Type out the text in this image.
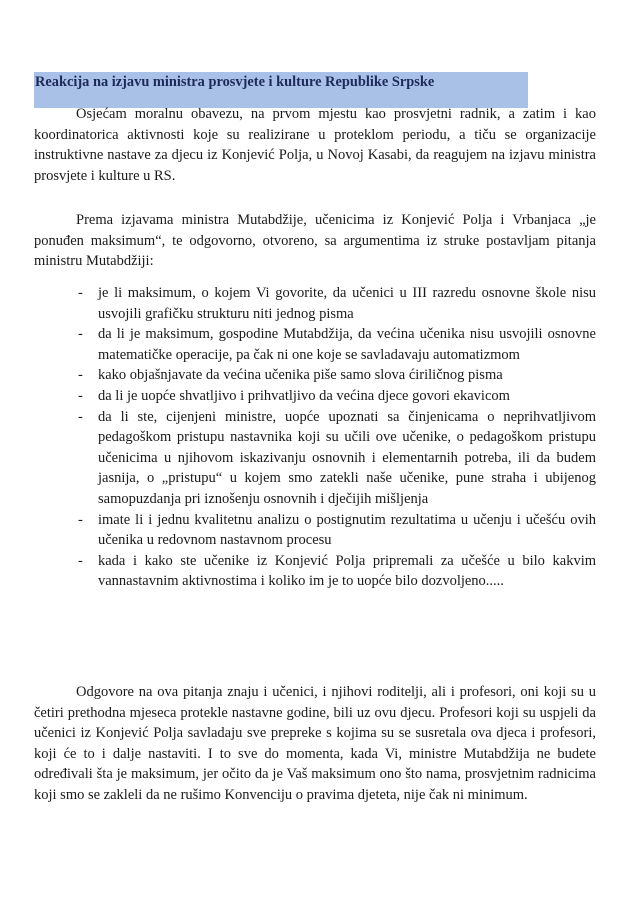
Reakcija na izjavu ministra prosvjete i kulture Republike Srpske

Osjećam moralnu obavezu, na prvom mjestu kao prosvjetni radnik, a zatim i kao koordinatorica aktivnosti koje su realizirane u proteklom periodu, a tiču se organizacije instruktivne nastave za djecu iz Konjević Polja, u Novoj Kasabi, da reagujem na izjavu ministra prosvjete i kulture u RS.

Prema izjavama ministra Mutabdžije, učenicima iz Konjević Polja i Vrbanjaca „je ponuđen maksimum“, te odgovorno, otvoreno, sa argumentima iz struke postavljam pitanja ministru Mutabdžiji:

- je li maksimum, o kojem Vi govorite, da učenici u III razredu osnovne škole nisu usvojili grafičku strukturu niti jednog pisma
- da li je maksimum, gospodine Mutabdžija, da većina učenika nisu usvojili osnovne matematičke operacije, pa čak ni one koje se savladavaju automatizmom
- kako objašnjavate da većina učenika piše samo slova ćiriličnog pisma
- da li je uopće shvatljivo i prihvatljivo da većina djece govori ekavicom
- da li ste, cijenjeni ministre, uopće upoznati sa činjenicama o neprihvatljivom pedagoškom pristupu nastavnika koji su učili ove učenike, o pedagoškom pristupu učenicima u njihovom iskazivanju osnovnih i elementarnih potreba, ili da budem jasnija, o „pristupu“ u kojem smo zatekli naše učenike, pune straha i ubijenog samopuzdanja pri iznošenju osnovnih i dječijih mišljenja
- imate li i jednu kvalitetnu analizu o postignutim rezultatima u učenju i učešću ovih učenika u redovnom nastavnom procesu
- kada i kako ste učenike iz Konjević Polja pripremali za učešće u bilo kakvim vannastavnim aktivnostima i koliko im je to uopće bilo dozvoljeno.....

Odgovore na ova pitanja znaju i učenici, i njihovi roditelji, ali i profesori, oni koji su u četiri prethodna mjeseca protekle nastavne godine, bili uz ovu djecu. Profesori koji su uspjeli da učenici iz Konjević Polja savladaju sve prepreke s kojima su se susretala ova djeca i profesori, koji će to i dalje nastaviti. I to sve do momenta, kada Vi, ministre Mutabdžija ne budete određivali šta je maksimum, jer očito da je Vaš maksimum ono što nama, prosvjetnim radnicima koji smo se zakleli da ne rušimo Konvenciju o pravima djeteta, nije čak ni minimum.
